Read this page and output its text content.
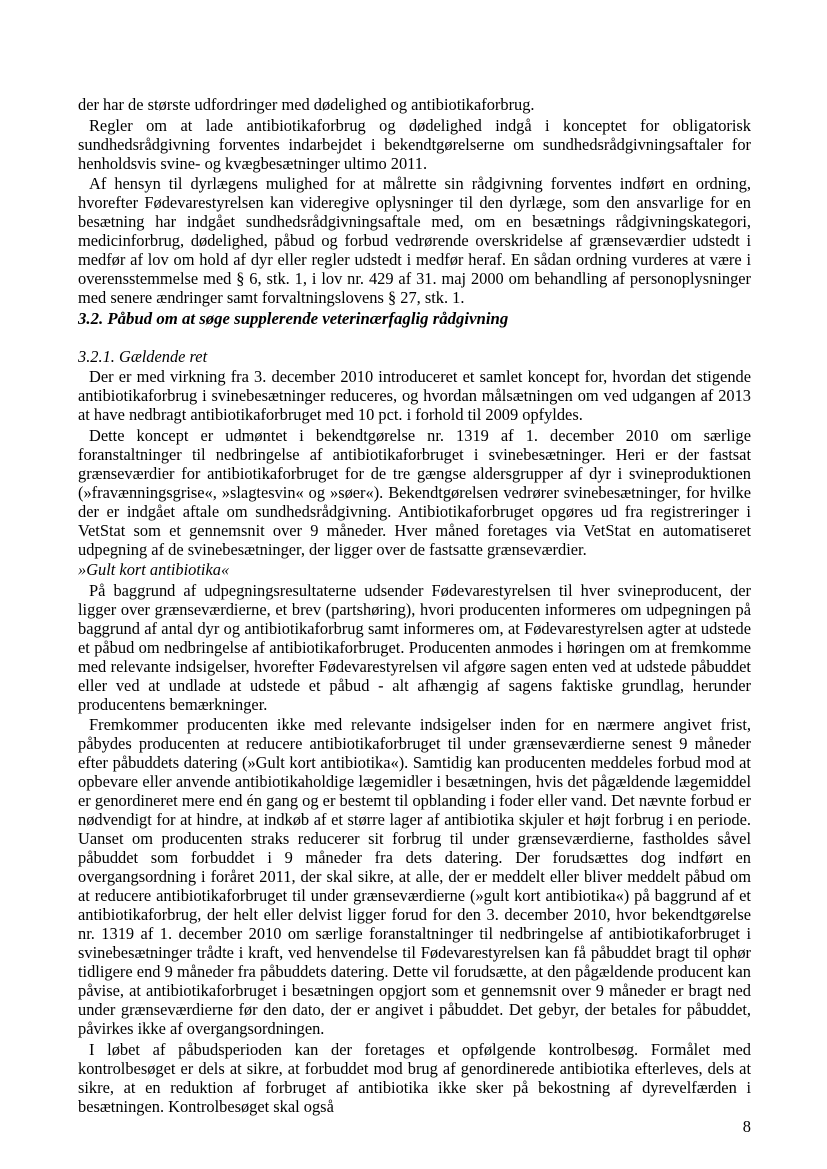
der har de største udfordringer med dødelighed og antibiotikaforbrug.

Regler om at lade antibiotikaforbrug og dødelighed indgå i konceptet for obligatorisk sundhedsrådgivning forventes indarbejdet i bekendtgørelserne om sundhedsrådgivningsaftaler for henholdsvis svine- og kvægbesætninger ultimo 2011.

Af hensyn til dyrlægens mulighed for at målrette sin rådgivning forventes indført en ordning, hvorefter Fødevarestyrelsen kan videregive oplysninger til den dyrlæge, som den ansvarlige for en besætning har indgået sundhedsrådgivningsaftale med, om en besætnings rådgivningskategori, medicinforbrug, dødelighed, påbud og forbud vedrørende overskridelse af grænseværdier udstedt i medfør af lov om hold af dyr eller regler udstedt i medfør heraf. En sådan ordning vurderes at være i overensstemmelse med § 6, stk. 1, i lov nr. 429 af 31. maj 2000 om behandling af personoplysninger med senere ændringer samt forvaltningslovens § 27, stk. 1.

3.2. Påbud om at søge supplerende veterinærfaglig rådgivning

3.2.1. Gældende ret

Der er med virkning fra 3. december 2010 introduceret et samlet koncept for, hvordan det stigende antibiotikaforbrug i svinebesætninger reduceres, og hvordan målsætningen om ved udgangen af 2013 at have nedbragt antibiotikaforbruget med 10 pct. i forhold til 2009 opfyldes.

Dette koncept er udmøntet i bekendtgørelse nr. 1319 af 1. december 2010 om særlige foranstaltninger til nedbringelse af antibiotikaforbruget i svinebesætninger. Heri er der fastsat grænseværdier for antibiotikaforbruget for de tre gængse aldersgrupper af dyr i svineproduktionen (»fravænningsgrise«, »slagtesvin« og »søer«). Bekendtgørelsen vedrører svinebesætninger, for hvilke der er indgået aftale om sundhedsrådgivning. Antibiotikaforbruget opgøres ud fra registreringer i VetStat som et gennemsnit over 9 måneder. Hver måned foretages via VetStat en automatiseret udpegning af de svinebesætninger, der ligger over de fastsatte grænseværdier.

»Gult kort antibiotika«

På baggrund af udpegningsresultaterne udsender Fødevarestyrelsen til hver svineproducent, der ligger over grænseværdierne, et brev (partshøring), hvori producenten informeres om udpegningen på baggrund af antal dyr og antibiotikaforbrug samt informeres om, at Fødevarestyrelsen agter at udstede et påbud om nedbringelse af antibiotikaforbruget. Producenten anmodes i høringen om at fremkomme med relevante indsigelser, hvorefter Fødevarestyrelsen vil afgøre sagen enten ved at udstede påbuddet eller ved at undlade at udstede et påbud - alt afhængig af sagens faktiske grundlag, herunder producentens bemærkninger.

Fremkommer producenten ikke med relevante indsigelser inden for en nærmere angivet frist, påbydes producenten at reducere antibiotikaforbruget til under grænseværdierne senest 9 måneder efter påbuddets datering (»Gult kort antibiotika«). Samtidig kan producenten meddeles forbud mod at opbevare eller anvende antibiotikaholdige lægemidler i besætningen, hvis det pågældende lægemiddel er genordineret mere end én gang og er bestemt til opblanding i foder eller vand. Det nævnte forbud er nødvendigt for at hindre, at indkøb af et større lager af antibiotika skjuler et højt forbrug i en periode. Uanset om producenten straks reducerer sit forbrug til under grænseværdierne, fastholdes såvel påbuddet som forbuddet i 9 måneder fra dets datering. Der forudsættes dog indført en overgangsordning i foråret 2011, der skal sikre, at alle, der er meddelt eller bliver meddelt påbud om at reducere antibiotikaforbruget til under grænseværdierne (»gult kort antibiotika«) på baggrund af et antibiotikaforbrug, der helt eller delvist ligger forud for den 3. december 2010, hvor bekendtgørelse nr. 1319 af 1. december 2010 om særlige foranstaltninger til nedbringelse af antibiotikaforbruget i svinebesætninger trådte i kraft, ved henvendelse til Fødevarestyrelsen kan få påbuddet bragt til ophør tidligere end 9 måneder fra påbuddets datering. Dette vil forudsætte, at den pågældende producent kan påvise, at antibiotikaforbruget i besætningen opgjort som et gennemsnit over 9 måneder er bragt ned under grænseværdierne før den dato, der er angivet i påbuddet. Det gebyr, der betales for påbuddet, påvirkes ikke af overgangsordningen.

I løbet af påbudsperioden kan der foretages et opfølgende kontrolbesøg. Formålet med kontrolbesøget er dels at sikre, at forbuddet mod brug af genordinerede antibiotika efterleves, dels at sikre, at en reduktion af forbruget af antibiotika ikke sker på bekostning af dyrevelfærden i besætningen. Kontrolbesøget skal også

8
